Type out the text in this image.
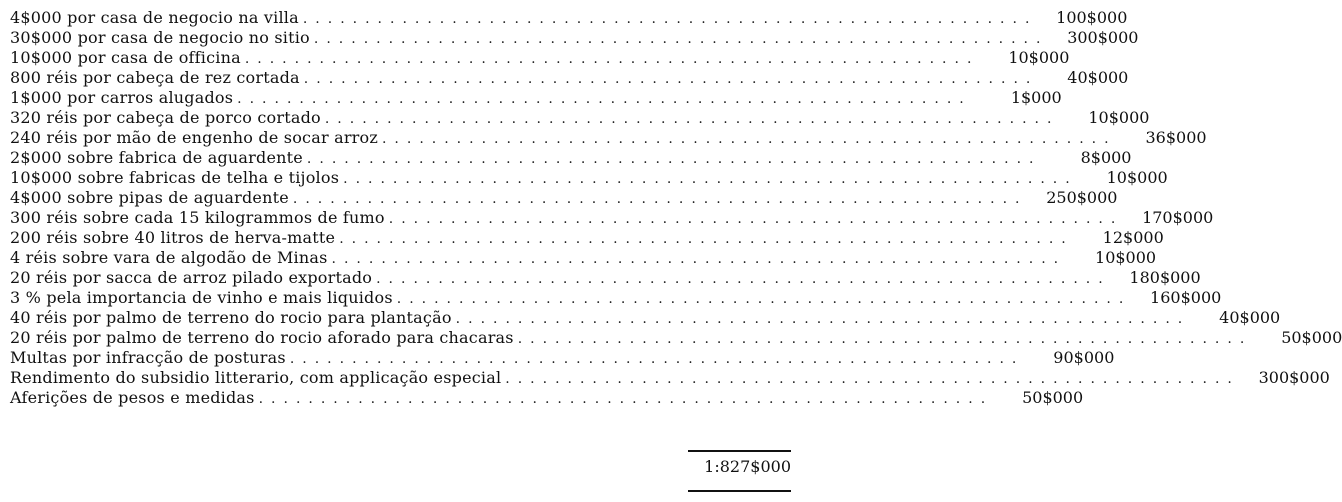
4$000 por casa de negocio na villa ...........................................................	100$000
30$000 por casa de negocio no sitio ...........................................................	300$000
10$000 por casa de officina ...........................................................	10$000
800 réis por cabeça de rez cortada ...........................................................	40$000
1$000 por carros alugados ...........................................................	1$000
320 réis por cabeça de porco cortado ...........................................................	10$000
240 réis por mão de engenho de socar arroz ...........................................................	36$000
2$000 sobre fabrica de aguardente ...........................................................	8$000
10$000 sobre fabricas de telha e tijolos ...........................................................	10$000
4$000 sobre pipas de aguardente ...........................................................	250$000
300 réis sobre cada 15 kilogrammos de fumo ...........................................................	170$000
200 réis sobre 40 litros de herva-matte ...........................................................	12$000
4 réis sobre vara de algodão de Minas ...........................................................	10$000
20 réis por sacca de arroz pilado exportado ...........................................................	180$000
3 % pela importancia de vinho e mais liquidos ...........................................................	160$000
40 réis por palmo de terreno do rocio para plantação ...........................................................	40$000
20 réis por palmo de terreno do rocio aforado para chacaras ...........................................................	50$000
Multas por infracção de posturas ...........................................................	90$000
Rendimento do subsidio litterario, com applicação especial ...........................................................	300$000
Aferições de pesos e medidas ...........................................................	50$000
1:827$000
